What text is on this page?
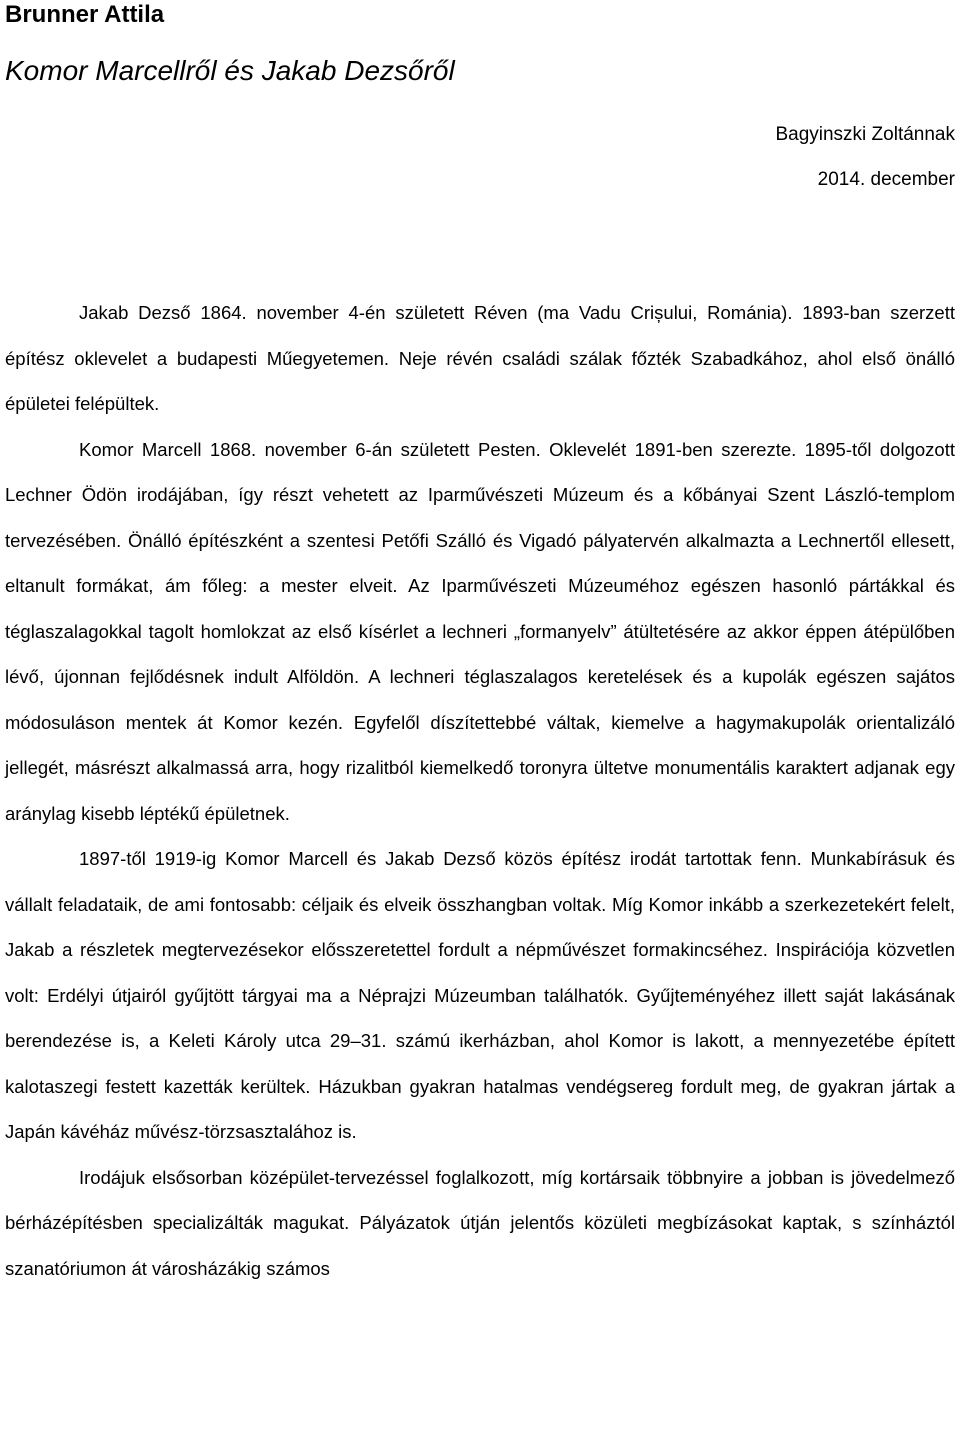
Brunner Attila
Komor Marcellről és Jakab Dezsőről
Bagyinszki Zoltánnak
2014. december

Jakab Dezső 1864. november 4-én született Réven (ma Vadu Crișului, Románia). 1893-ban szerzett építész oklevelet a budapesti Műegyetemen. Neje révén családi szálak főzték Szabadkához, ahol első önálló épületei felépültek.

Komor Marcell 1868. november 6-án született Pesten. Oklevelét 1891-ben szerezte. 1895-től dolgozott Lechner Ödön irodájában, így részt vehetett az Iparművészeti Múzeum és a kőbányai Szent László-templom tervezésében. Önálló építészként a szentesi Petőfi Szálló és Vigadó pályatervén alkalmazta a Lechnertől ellesett, eltanult formákat, ám főleg: a mester elveit. Az Iparművészeti Múzeuméhoz egészen hasonló pártákkal és téglaszalagokkal tagolt homlokzat az első kísérlet a lechneri „formanyelv” átültetésére az akkor éppen átépülőben lévő, újonnan fejlődésnek indult Alföldön. A lechneri téglaszalagos keretelések és a kupolák egészen sajátos módosuláson mentek át Komor kezén. Egyfelől díszítettebbé váltak, kiemelve a hagymakupolák orientalizáló jellegét, másrészt alkalmassá arra, hogy rizalitból kiemelkedő toronyra ültetve monumentális karaktert adjanak egy aránylag kisebb léptékű épületnek.

1897-től 1919-ig Komor Marcell és Jakab Dezső közös építész irodát tartottak fenn. Munkabírásuk és vállalt feladataik, de ami fontosabb: céljaik és elveik összhangban voltak. Míg Komor inkább a szerkezetekért felelt, Jakab a részletek megtervezésekor elősszeretettel fordult a népművészet formakincséhez. Inspirációja közvetlen volt: Erdélyi útjairól gyűjtött tárgyai ma a Néprajzi Múzeumban találhatók. Gyűjteményéhez illett saját lakásának berendezése is, a Keleti Károly utca 29–31. számú ikerházban, ahol Komor is lakott, a mennyezetébe épített kalotaszegi festett kazetták kerültek. Házukban gyakran hatalmas vendégsereg fordult meg, de gyakran jártak a Japán kávéház művész-törzsasztalához is.

Irodájuk elsősorban középület-tervezéssel foglalkozott, míg kortársaik többnyire a jobban is jövedelmező bérházépítésben specializálták magukat. Pályázatok útján jelentős közületi megbízásokat kaptak, s színháztól szanatóriumon át városházákig számos
